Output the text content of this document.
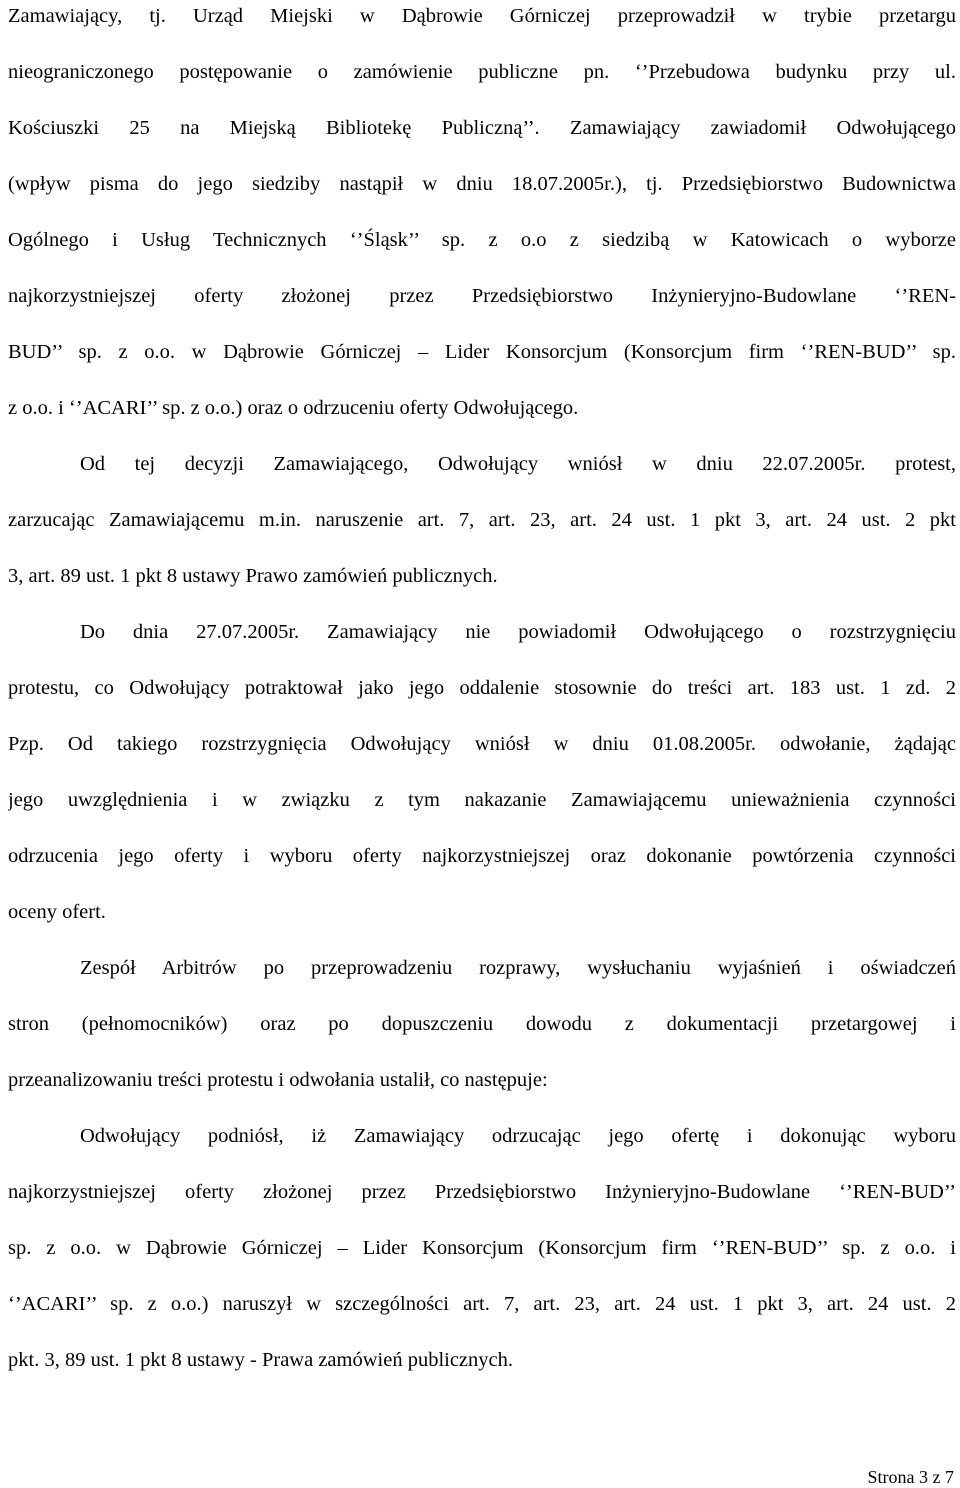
Zamawiający, tj. Urząd Miejski w Dąbrowie Górniczej przeprowadził w trybie przetargu
nieograniczonego postępowanie o zamówienie publiczne pn. ‘’Przebudowa budynku przy ul.
Kościuszki 25 na Miejską Bibliotekę Publiczną’’. Zamawiający zawiadomił Odwołującego
(wpływ pisma do jego siedziby nastąpił w dniu 18.07.2005r.), tj. Przedsiębiorstwo Budownictwa
Ogólnego i Usług Technicznych ‘’Śląsk’’ sp. z o.o z siedzibą w Katowicach o wyborze
najkorzystniejszej oferty złożonej przez Przedsiębiorstwo Inżynieryjno-Budowlane ‘’REN-
BUD’’ sp. z o.o. w Dąbrowie Górniczej – Lider Konsorcjum (Konsorcjum firm ‘’REN-BUD’’ sp.
z o.o. i ‘’ACARI’’ sp. z o.o.) oraz o odrzuceniu oferty Odwołującego.
Od tej decyzji Zamawiającego, Odwołujący wniósł w dniu 22.07.2005r. protest,
zarzucając Zamawiającemu m.in. naruszenie art. 7, art. 23, art. 24 ust. 1 pkt 3, art. 24 ust. 2 pkt
3, art. 89 ust. 1 pkt 8 ustawy Prawo zamówień publicznych.
Do dnia 27.07.2005r. Zamawiający nie powiadomił Odwołującego o rozstrzygnięciu
protestu, co Odwołujący potraktował jako jego oddalenie stosownie do treści art. 183 ust. 1 zd. 2
Pzp. Od takiego rozstrzygnięcia Odwołujący wniósł w dniu 01.08.2005r. odwołanie, żądając
jego uwzględnienia i w związku z tym nakazanie Zamawiającemu unieważnienia czynności
odrzucenia jego oferty i wyboru oferty najkorzystniejszej oraz dokonanie powtórzenia czynności
oceny ofert.
Zespół Arbitrów po przeprowadzeniu rozprawy, wysłuchaniu wyjaśnień i oświadczeń
stron (pełnomocników) oraz po dopuszczeniu dowodu z dokumentacji przetargowej i
przeanalizowaniu treści protestu i odwołania ustalił, co następuje:
Odwołujący podniósł, iż Zamawiający odrzucając jego ofertę i dokonując wyboru
najkorzystniejszej oferty złożonej przez Przedsiębiorstwo Inżynieryjno-Budowlane ‘’REN-BUD’’
sp. z o.o. w Dąbrowie Górniczej – Lider Konsorcjum (Konsorcjum firm ‘’REN-BUD’’ sp. z o.o. i
‘’ACARI’’ sp. z o.o.) naruszył w szczególności art. 7, art. 23, art. 24 ust. 1 pkt 3, art. 24 ust. 2
pkt. 3, 89 ust. 1 pkt 8 ustawy - Prawa zamówień publicznych.
Strona 3 z 7
